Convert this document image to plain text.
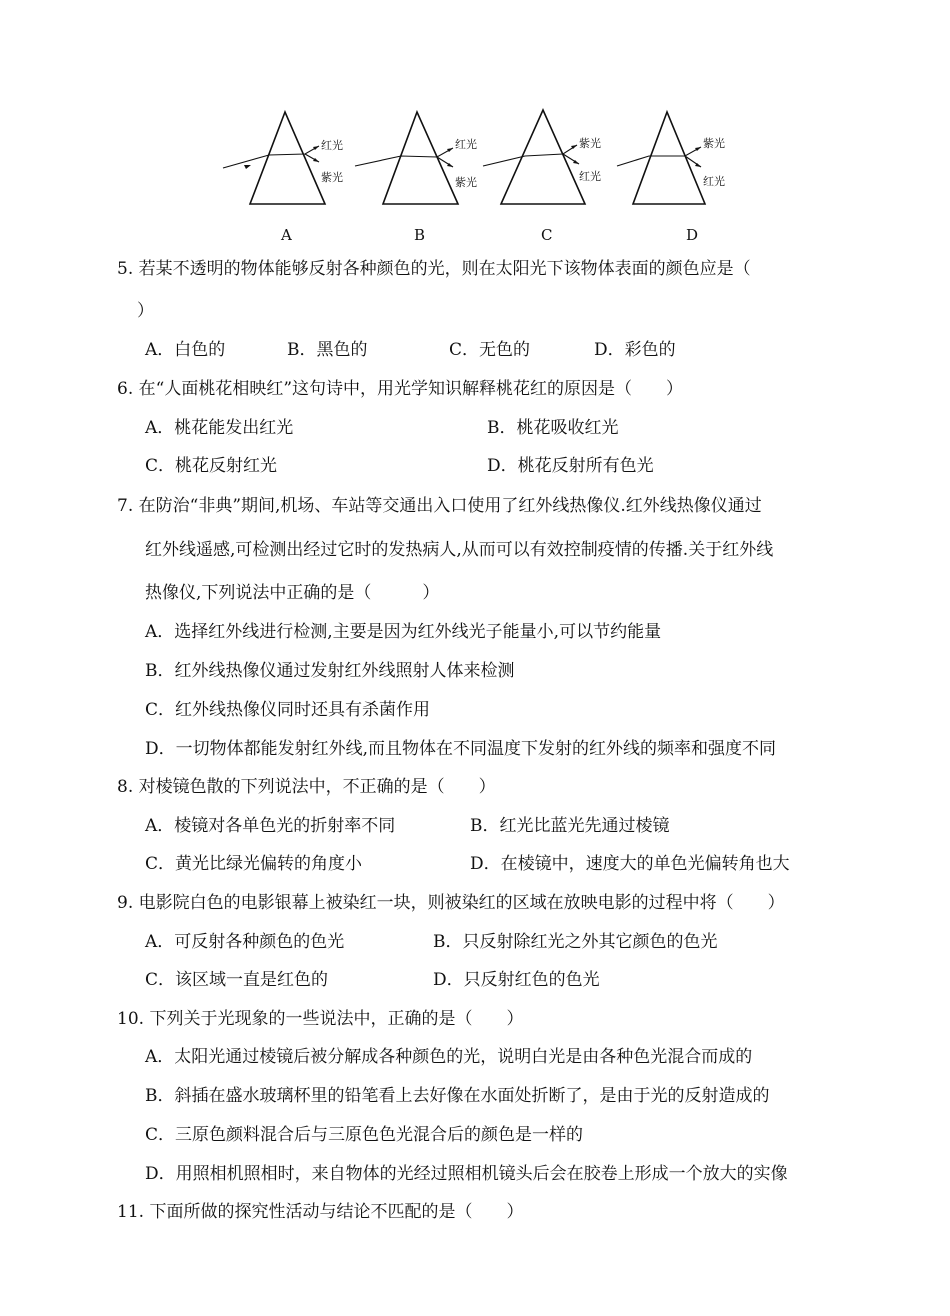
红光
紫光
红光
紫光
紫光
红光
紫光
红光
A	B	C	D
5. 若某不透明的物体能够反射各种颜色的光，则在太阳光下该物体表面的颜色应是（
）
A．白色的	B．黑色的	C．无色的	D．彩色的
6. 在“人面桃花相映红”这句诗中，用光学知识解释桃花红的原因是（　　）
A．桃花能发出红光	B．桃花吸收红光
C．桃花反射红光	D．桃花反射所有色光
7. 在防治“非典”期间,机场、车站等交通出入口使用了红外线热像仪.红外线热像仪通过
红外线遥感,可检测出经过它时的发热病人,从而可以有效控制疫情的传播.关于红外线
热像仪,下列说法中正确的是（　　　）
A．选择红外线进行检测,主要是因为红外线光子能量小,可以节约能量
B．红外线热像仪通过发射红外线照射人体来检测
C．红外线热像仪同时还具有杀菌作用
D．一切物体都能发射红外线,而且物体在不同温度下发射的红外线的频率和强度不同
8. 对棱镜色散的下列说法中，不正确的是（　　）
A．棱镜对各单色光的折射率不同	B．红光比蓝光先通过棱镜
C．黄光比绿光偏转的角度小	D．在棱镜中，速度大的单色光偏转角也大
9. 电影院白色的电影银幕上被染红一块，则被染红的区域在放映电影的过程中将（　　）
A．可反射各种颜色的色光	B．只反射除红光之外其它颜色的色光
C．该区域一直是红色的	D．只反射红色的色光
10. 下列关于光现象的一些说法中，正确的是（　　）
A．太阳光通过棱镜后被分解成各种颜色的光，说明白光是由各种色光混合而成的
B．斜插在盛水玻璃杯里的铅笔看上去好像在水面处折断了，是由于光的反射造成的
C．三原色颜料混合后与三原色色光混合后的颜色是一样的
D．用照相机照相时，来自物体的光经过照相机镜头后会在胶卷上形成一个放大的实像
11. 下面所做的探究性活动与结论不匹配的是（　　）
